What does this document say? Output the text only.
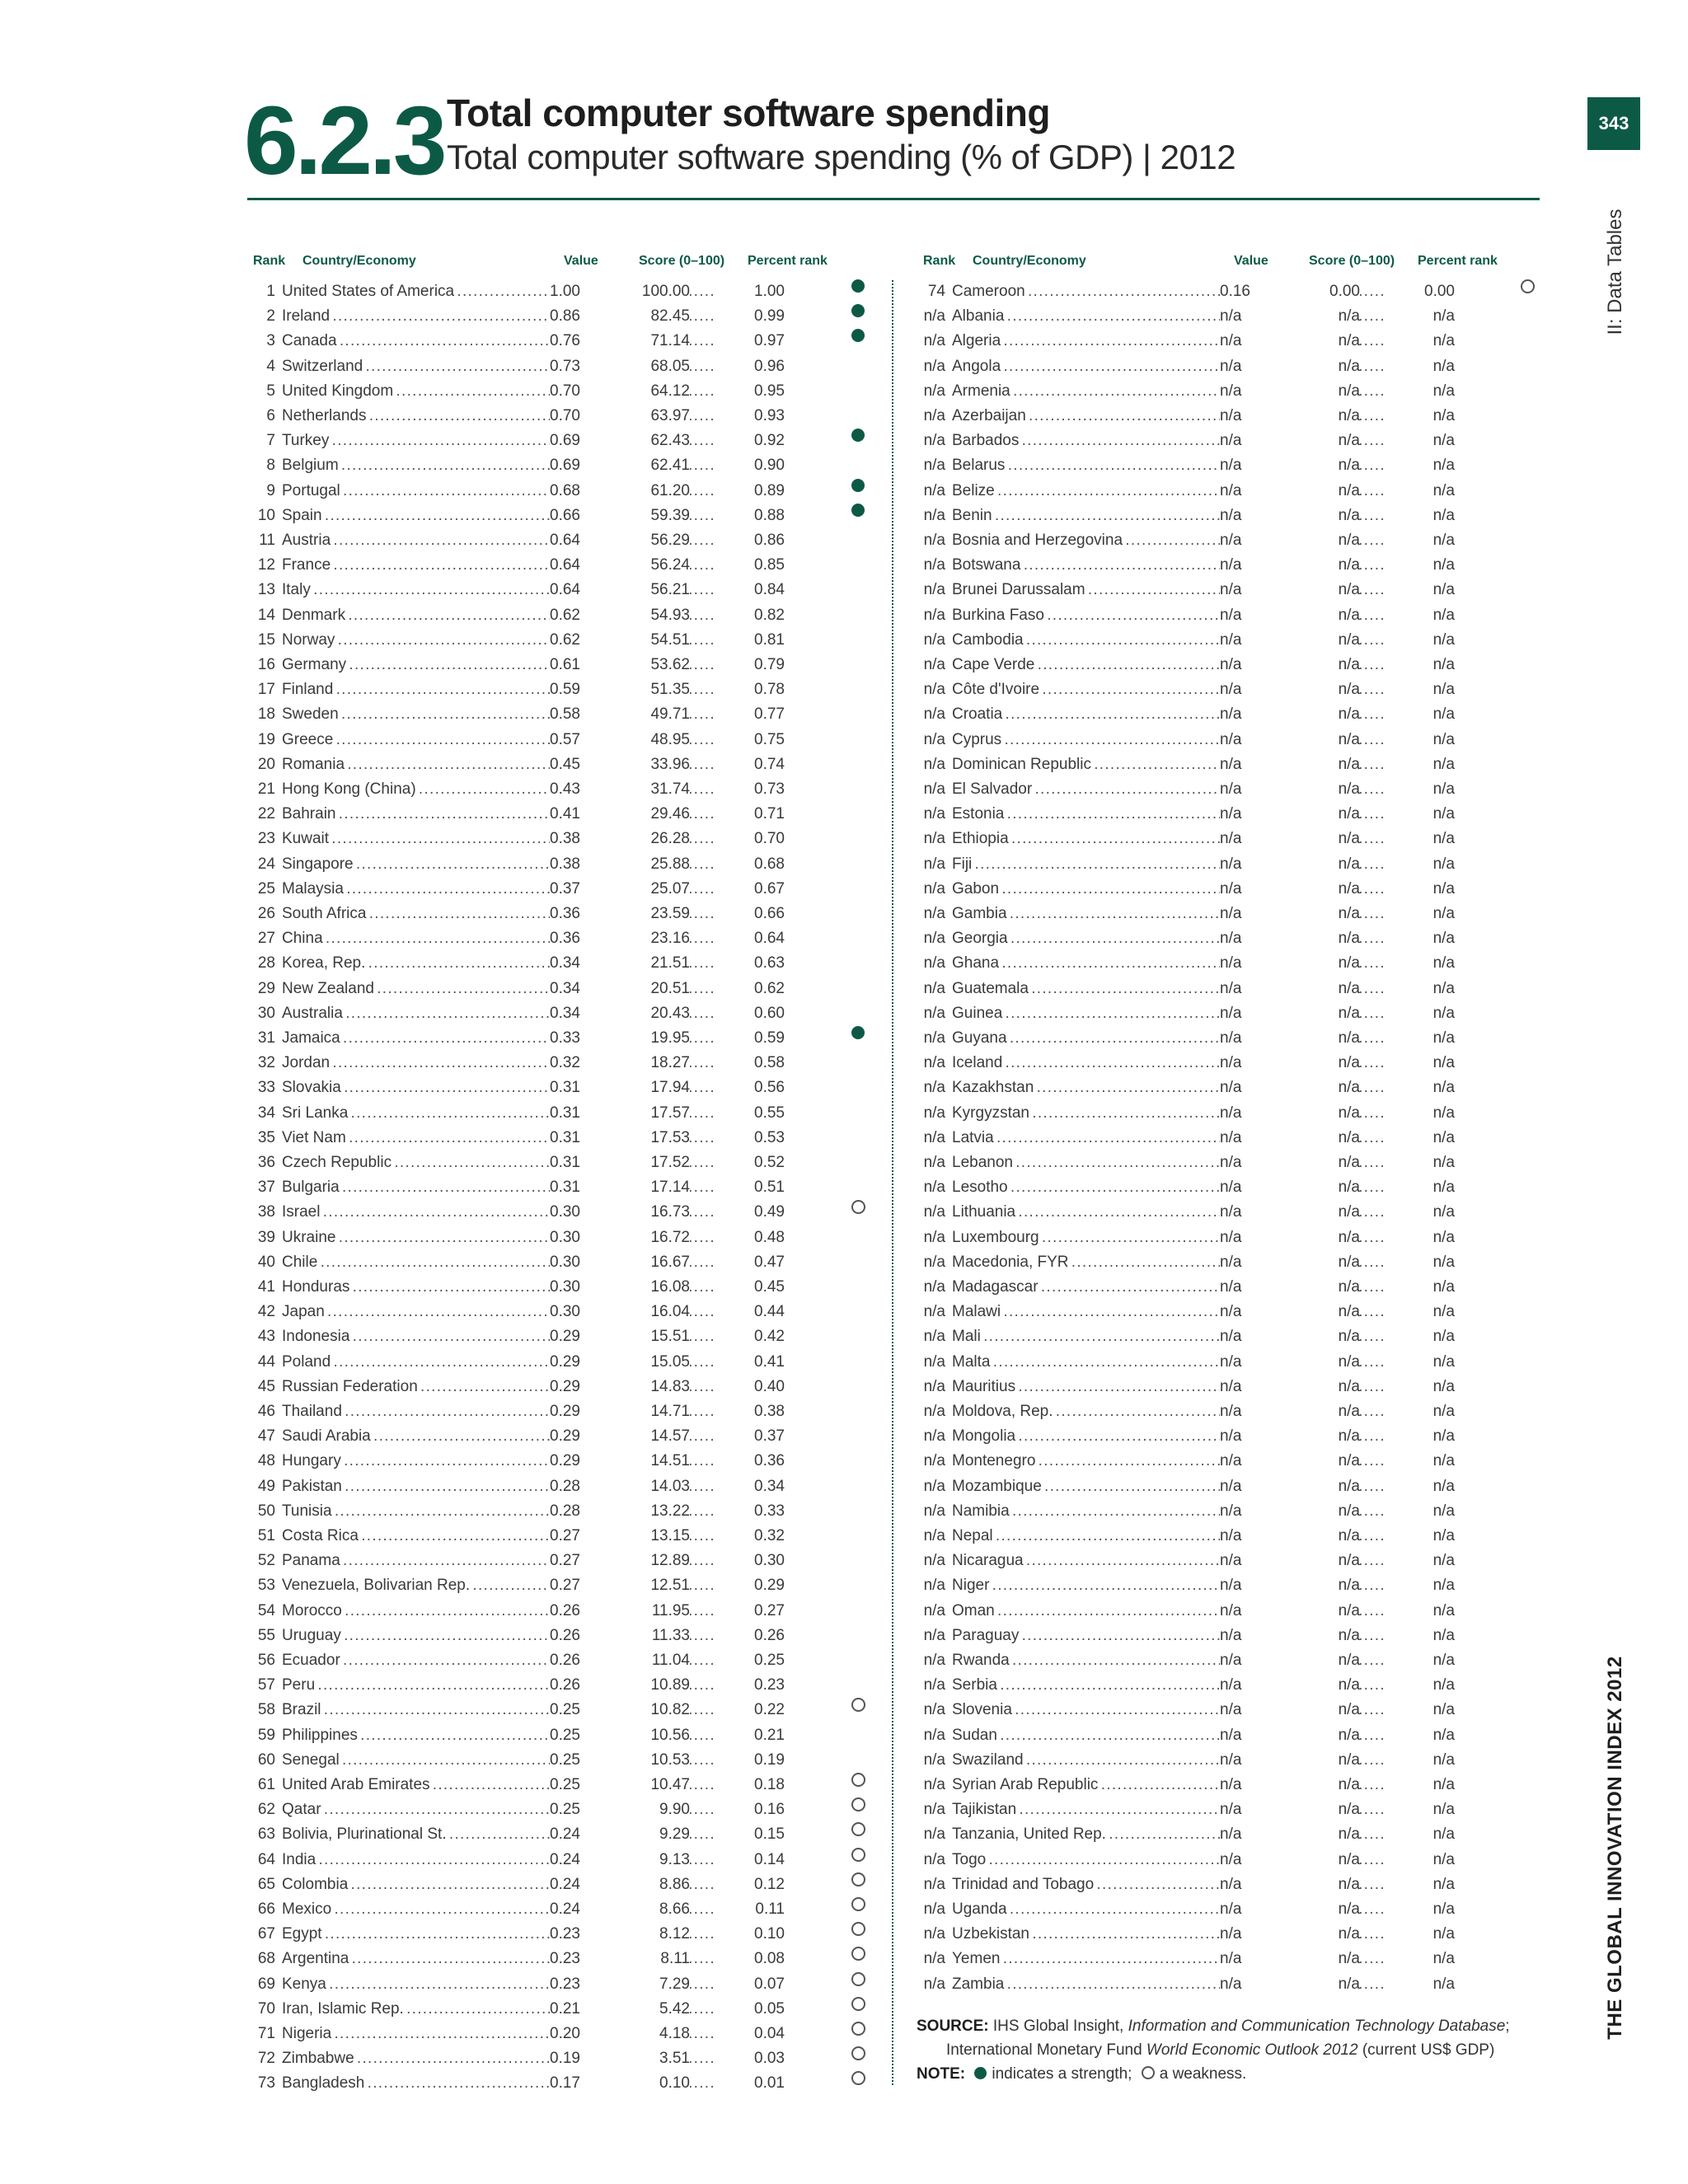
6.2.3 Total computer software spending
Total computer software spending (% of GDP) | 2012
343
II: Data Tables
THE GLOBAL INNOVATION INDEX 2012
Rank Country/Economy	Value	Score (0–100) Percent rank	Rank Country/Economy	Value	Score (0–100) Percent rank
. . . .
1 United States of America . . .	1.00	100.00	1.00
. . . .
2 Ireland . . .	0.86	82.45	0.99
. . . .
3 Canada . . .	0.76	71.14	0.97
. . . .
4 Switzerland . . .	0.73	68.05	0.96
. . . .
5 United Kingdom . . .	0.70	64.12	0.95
. . . .
6 Netherlands . . .	0.70	63.97	0.93
. . . .
7 Turkey . . .	0.69	62.43	0.92
. . . .
8 Belgium . . .	0.69	62.41	0.90
. . . .
9 Portugal . . .	0.68	61.20	0.89
. . . .
10 Spain . . .	0.66	59.39	0.88
. . . .
11 Austria . . .	0.64	56.29	0.86
. . . .
12 France . . .	0.64	56.24	0.85
. . . .
13 Italy . . .	0.64	56.21	0.84
. . . .
14 Denmark . . .	0.62	54.93	0.82
. . . .
15 Norway . . .	0.62	54.51	0.81
. . . .
16 Germany . . .	0.61	53.62	0.79
. . . .
17 Finland . . .	0.59	51.35	0.78
. . . .
18 Sweden . . .	0.58	49.71	0.77
. . . .
19 Greece . . .	0.57	48.95	0.75
. . . .
20 Romania . . .	0.45	33.96	0.74
. . . .
21 Hong Kong (China) . . .	0.43	31.74	0.73
. . . .
22 Bahrain . . .	0.41	29.46	0.71
. . . .
23 Kuwait . . .	0.38	26.28	0.70
. . . .
24 Singapore . . .	0.38	25.88	0.68
. . . .
25 Malaysia . . .	0.37	25.07	0.67
. . . .
26 South Africa . . .	0.36	23.59	0.66
. . . .
27 China . . .	0.36	23.16	0.64
. . . .
28 Korea, Rep. . . .	0.34	21.51	0.63
. . . .
29 New Zealand . . .	0.34	20.51	0.62
. . . .
30 Australia . . .	0.34	20.43	0.60
. . . .
31 Jamaica . . .	0.33	19.95	0.59
. . . .
32 Jordan . . .	0.32	18.27	0.58
. . . .
33 Slovakia . . .	0.31	17.94	0.56
. . . .
34 Sri Lanka . . .	0.31	17.57	0.55
. . . .
35 Viet Nam . . .	0.31	17.53	0.53
. . . .
36 Czech Republic . . .	0.31	17.52	0.52
. . . .
37 Bulgaria . . .	0.31	17.14	0.51
. . . .
38 Israel . . .	0.30	16.73	0.49
. . . .
39 Ukraine . . .	0.30	16.72	0.48
. . . .
40 Chile . . .	0.30	16.67	0.47
. . . .
41 Honduras . . .	0.30	16.08	0.45
. . . .
42 Japan . . .	0.30	16.04	0.44
. . . .
43 Indonesia . . .	0.29	15.51	0.42
. . . .
44 Poland . . .	0.29	15.05	0.41
. . . .
45 Russian Federation . . .	0.29	14.83	0.40
. . . .
46 Thailand . . .	0.29	14.71	0.38
. . . .
47 Saudi Arabia . . .	0.29	14.57	0.37
. . . .
48 Hungary . . .	0.29	14.51	0.36
. . . .
49 Pakistan . . .	0.28	14.03	0.34
. . . .
50 Tunisia . . .	0.28	13.22	0.33
. . . .
51 Costa Rica . . .	0.27	13.15	0.32
. . . .
52 Panama . . .	0.27	12.89	0.30
. . . .
53 Venezuela, Bolivarian Rep. . . .	0.27	12.51	0.29
. . . .
54 Morocco . . .	0.26	11.95	0.27
. . . .
55 Uruguay . . .	0.26	11.33	0.26
. . . .
56 Ecuador . . .	0.26	11.04	0.25
. . . .
57 Peru . . .	0.26	10.89	0.23
. . . .
58 Brazil . . .	0.25	10.82	0.22
. . . .
59 Philippines . . .	0.25	10.56	0.21
. . . .
60 Senegal . . .	0.25	10.53	0.19
. . . .
61 United Arab Emirates . . .	0.25	10.47	0.18
. . . .
62 Qatar . . .	0.25	9.90	0.16
. . . .
63 Bolivia, Plurinational St. . . .	0.24	9.29	0.15
. . . .
64 India . . .	0.24	9.13	0.14
. . . .
65 Colombia . . .	0.24	8.86	0.12
. . . .
66 Mexico . . .	0.24	8.66	0.11
. . . .
67 Egypt . . .	0.23	8.12	0.10
. . . .
68 Argentina . . .	0.23	8.11	0.08
. . . .
69 Kenya . . .	0.23	7.29	0.07
. . . .
70 Iran, Islamic Rep. . . .	0.21	5.42	0.05
. . . .
71 Nigeria . . .	0.20	4.18	0.04
. . . .
72 Zimbabwe . . .	0.19	3.51	0.03
. . . .
73 Bangladesh . . .	0.17	0.10	0.01
. . . .
74 Cameroon . . .	0.16	0.00	0.00
. . . .
n/a Albania . . .	n/a	n/a	n/a
. . . .
n/a Algeria . . .	n/a	n/a	n/a
. . . .
n/a Angola . . .	n/a	n/a	n/a
. . . .
n/a Armenia . . .	n/a	n/a	n/a
. . . .
n/a Azerbaijan . . .	n/a	n/a	n/a
. . . .
n/a Barbados . . .	n/a	n/a	n/a
. . . .
n/a Belarus . . .	n/a	n/a	n/a
. . . .
n/a Belize . . .	n/a	n/a	n/a
. . . .
n/a Benin . . .	n/a	n/a	n/a
. . . .
n/a Bosnia and Herzegovina . . .	n/a	n/a	n/a
. . . .
n/a Botswana . . .	n/a	n/a	n/a
. . . .
n/a Brunei Darussalam . . .	n/a	n/a	n/a
. . . .
n/a Burkina Faso . . .	n/a	n/a	n/a
. . . .
n/a Cambodia . . .	n/a	n/a	n/a
. . . .
n/a Cape Verde . . .	n/a	n/a	n/a
. . . .
n/a Côte d'Ivoire . . .	n/a	n/a	n/a
. . . .
n/a Croatia . . .	n/a	n/a	n/a
. . . .
n/a Cyprus . . .	n/a	n/a	n/a
. . . .
n/a Dominican Republic . . .	n/a	n/a	n/a
. . . .
n/a El Salvador . . .	n/a	n/a	n/a
. . . .
n/a Estonia . . .	n/a	n/a	n/a
. . . .
n/a Ethiopia . . .	n/a	n/a	n/a
. . . .
n/a Fiji . . .	n/a	n/a	n/a
. . . .
n/a Gabon . . .	n/a	n/a	n/a
. . . .
n/a Gambia . . .	n/a	n/a	n/a
. . . .
n/a Georgia . . .	n/a	n/a	n/a
. . . .
n/a Ghana . . .	n/a	n/a	n/a
. . . .
n/a Guatemala . . .	n/a	n/a	n/a
. . . .
n/a Guinea . . .	n/a	n/a	n/a
. . . .
n/a Guyana . . .	n/a	n/a	n/a
. . . .
n/a Iceland . . .	n/a	n/a	n/a
. . . .
n/a Kazakhstan . . .	n/a	n/a	n/a
. . . .
n/a Kyrgyzstan . . .	n/a	n/a	n/a
. . . .
n/a Latvia . . .	n/a	n/a	n/a
. . . .
n/a Lebanon . . .	n/a	n/a	n/a
. . . .
n/a Lesotho . . .	n/a	n/a	n/a
. . . .
n/a Lithuania . . .	n/a	n/a	n/a
. . . .
n/a Luxembourg . . .	n/a	n/a	n/a
. . . .
n/a Macedonia, FYR . . .	n/a	n/a	n/a
. . . .
n/a Madagascar . . .	n/a	n/a	n/a
. . . .
n/a Malawi . . .	n/a	n/a	n/a
. . . .
n/a Mali . . .	n/a	n/a	n/a
. . . .
n/a Malta . . .	n/a	n/a	n/a
. . . .
n/a Mauritius . . .	n/a	n/a	n/a
. . . .
n/a Moldova, Rep. . . .	n/a	n/a	n/a
. . . .
n/a Mongolia . . .	n/a	n/a	n/a
. . . .
n/a Montenegro . . .	n/a	n/a	n/a
. . . .
n/a Mozambique . . .	n/a	n/a	n/a
. . . .
n/a Namibia . . .	n/a	n/a	n/a
. . . .
n/a Nepal . . .	n/a	n/a	n/a
. . . .
n/a Nicaragua . . .	n/a	n/a	n/a
. . . .
n/a Niger . . .	n/a	n/a	n/a
. . . .
n/a Oman . . .	n/a	n/a	n/a
. . . .
n/a Paraguay . . .	n/a	n/a	n/a
. . . .
n/a Rwanda . . .	n/a	n/a	n/a
. . . .
n/a Serbia . . .	n/a	n/a	n/a
. . . .
n/a Slovenia . . .	n/a	n/a	n/a
. . . .
n/a Sudan . . .	n/a	n/a	n/a
. . . .
n/a Swaziland . . .	n/a	n/a	n/a
. . . .
n/a Syrian Arab Republic . . .	n/a	n/a	n/a
. . . .
n/a Tajikistan . . .	n/a	n/a	n/a
. . . .
n/a Tanzania, United Rep. . . .	n/a	n/a	n/a
. . . .
n/a Togo . . .	n/a	n/a	n/a
. . . .
n/a Trinidad and Tobago . . .	n/a	n/a	n/a
. . . .
n/a Uganda . . .	n/a	n/a	n/a
. . . .
n/a Uzbekistan . . .	n/a	n/a	n/a
. . . .
n/a Yemen . . .	n/a	n/a	n/a
. . . .
n/a Zambia . . .	n/a	n/a	n/a
SOURCE: IHS Global Insight, Information and Communication Technology Database;
International Monetary Fund World Economic Outlook 2012 (current US$ GDP)
NOTE: indicates a strength; a weakness.
